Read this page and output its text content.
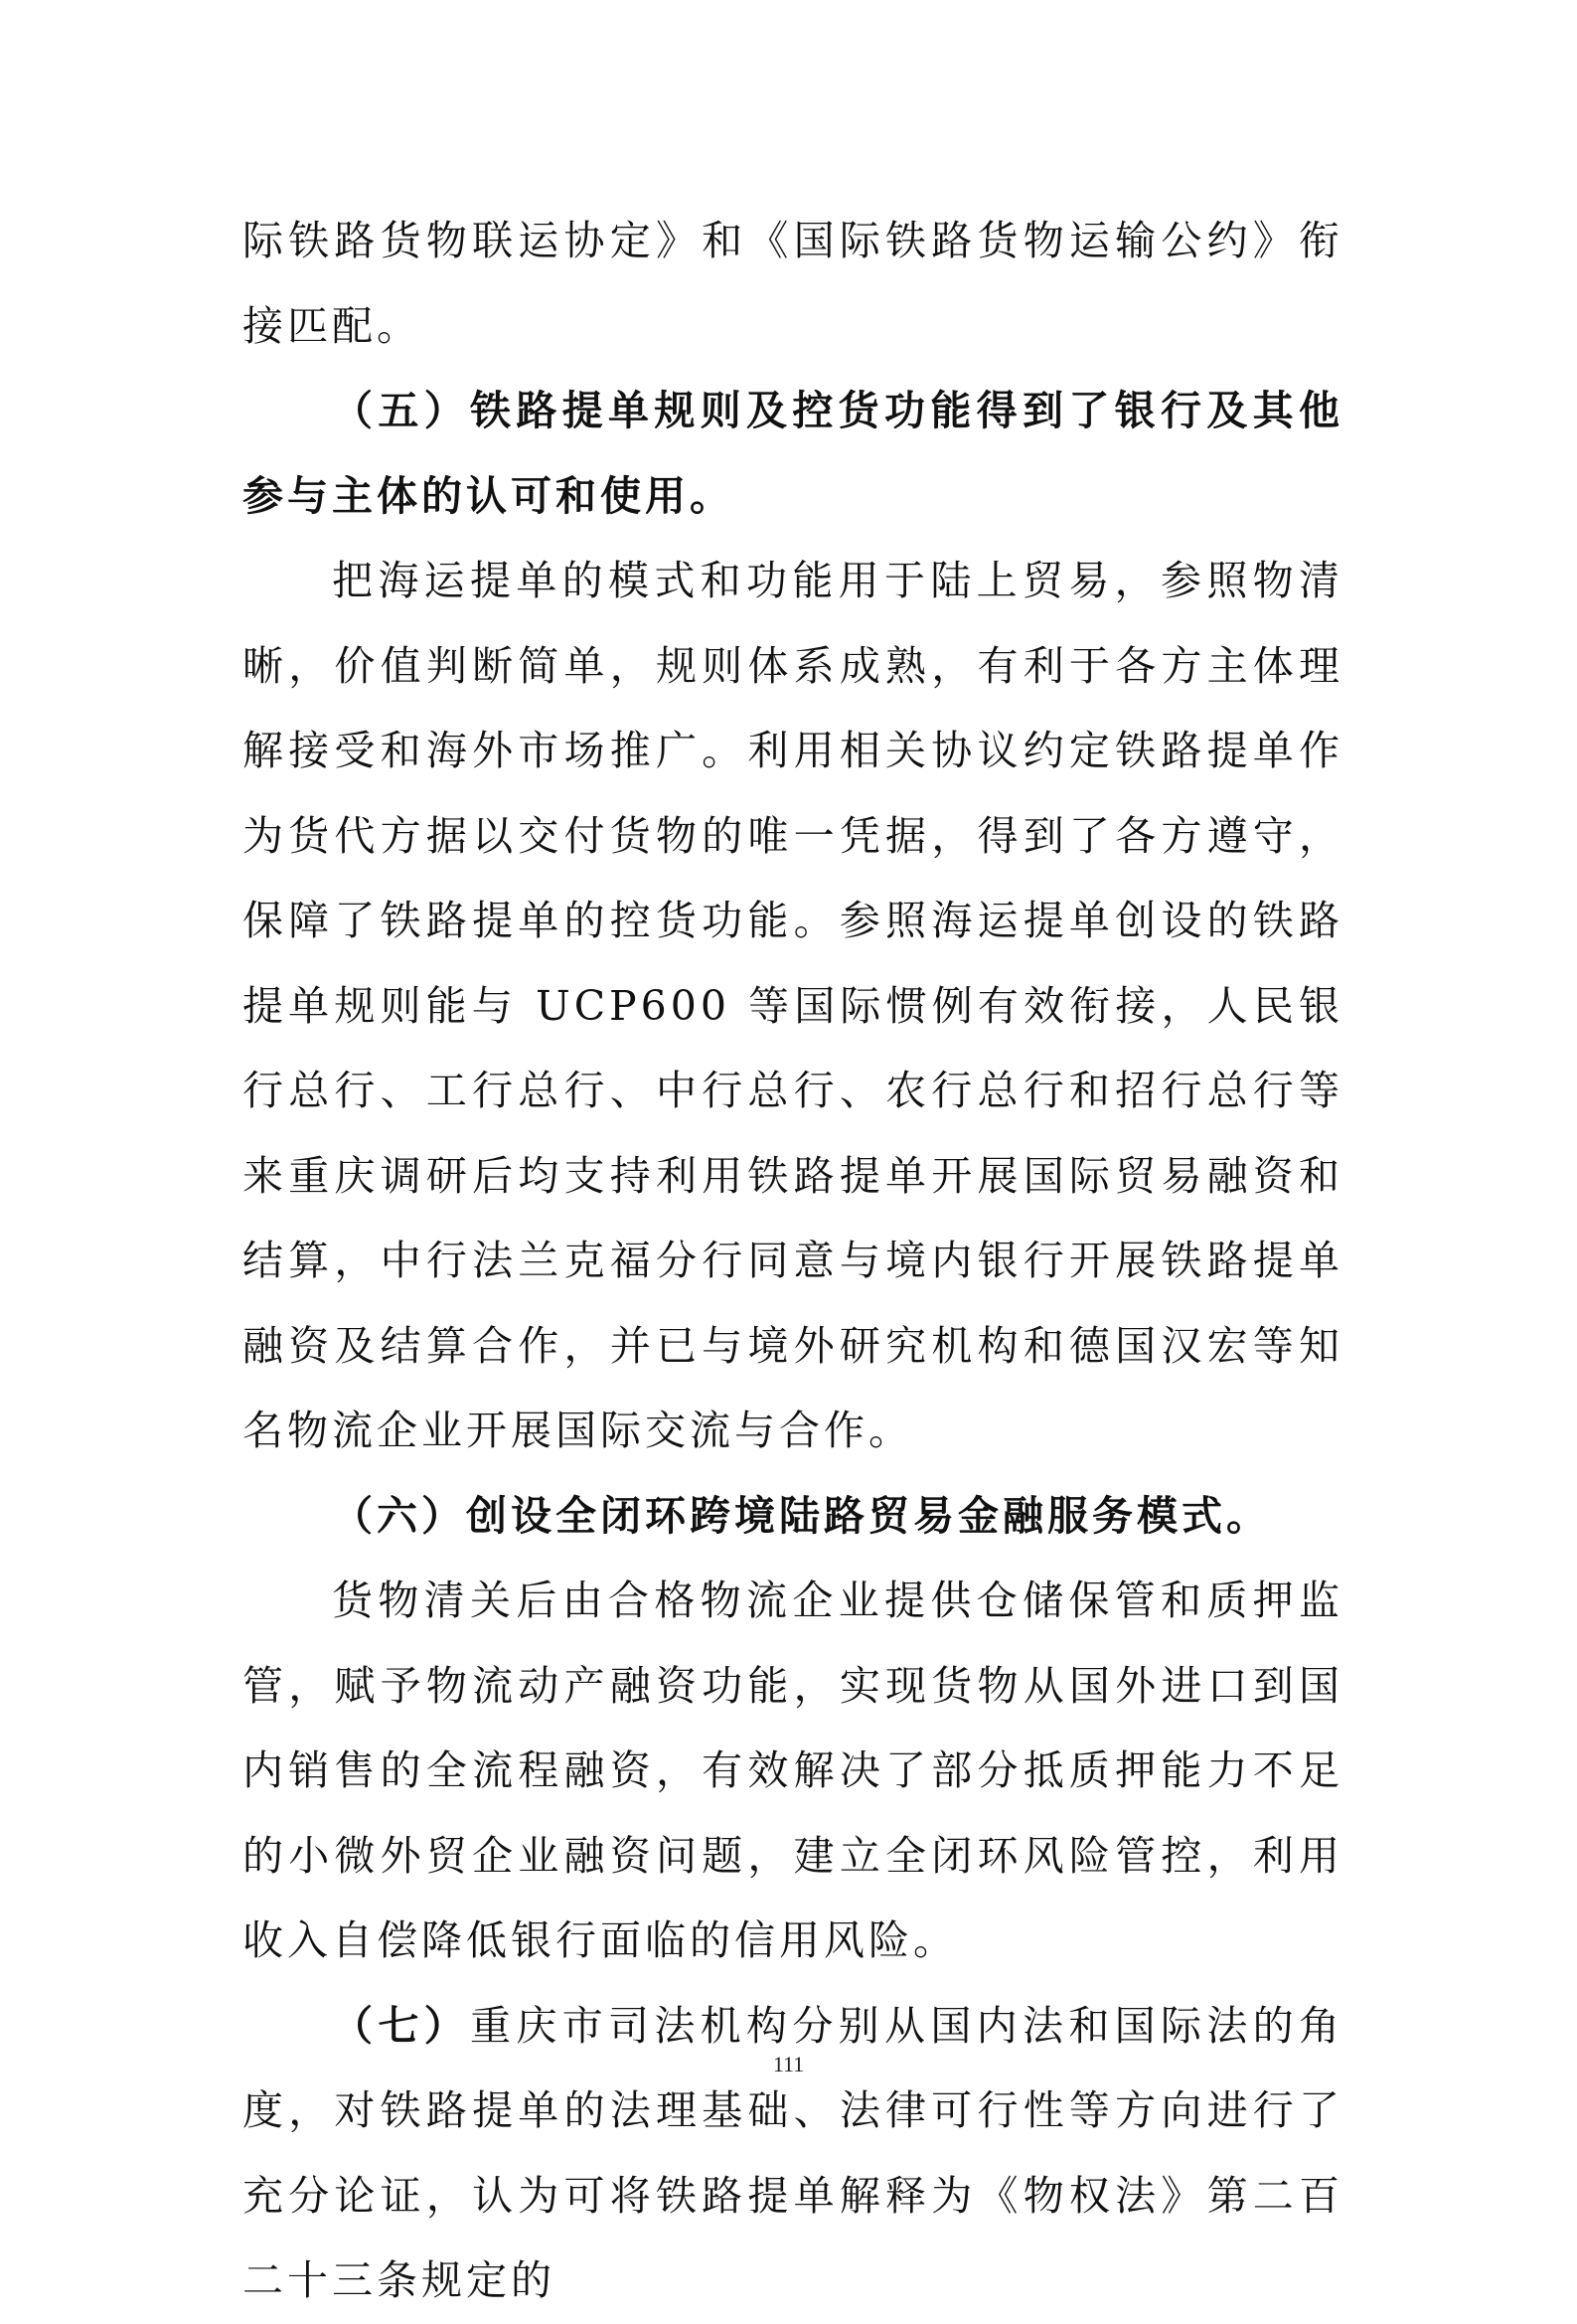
际铁路货物联运协定》和《国际铁路货物运输公约》衔接匹配。

（五）铁路提单规则及控货功能得到了银行及其他参与主体的认可和使用。

把海运提单的模式和功能用于陆上贸易，参照物清晰，价值判断简单，规则体系成熟，有利于各方主体理解接受和海外市场推广。利用相关协议约定铁路提单作为货代方据以交付货物的唯一凭据，得到了各方遵守，保障了铁路提单的控货功能。参照海运提单创设的铁路提单规则能与 UCP600 等国际惯例有效衔接，人民银行总行、工行总行、中行总行、农行总行和招行总行等来重庆调研后均支持利用铁路提单开展国际贸易融资和结算，中行法兰克福分行同意与境内银行开展铁路提单融资及结算合作，并已与境外研究机构和德国汉宏等知名物流企业开展国际交流与合作。

（六）创设全闭环跨境陆路贸易金融服务模式。

货物清关后由合格物流企业提供仓储保管和质押监管，赋予物流动产融资功能，实现货物从国外进口到国内销售的全流程融资，有效解决了部分抵质押能力不足的小微外贸企业融资问题，建立全闭环风险管控，利用收入自偿降低银行面临的信用风险。

（七）重庆市司法机构分别从国内法和国际法的角度，对铁路提单的法理基础、法律可行性等方向进行了充分论证，认为可将铁路提单解释为《物权法》第二百二十三条规定的

111
